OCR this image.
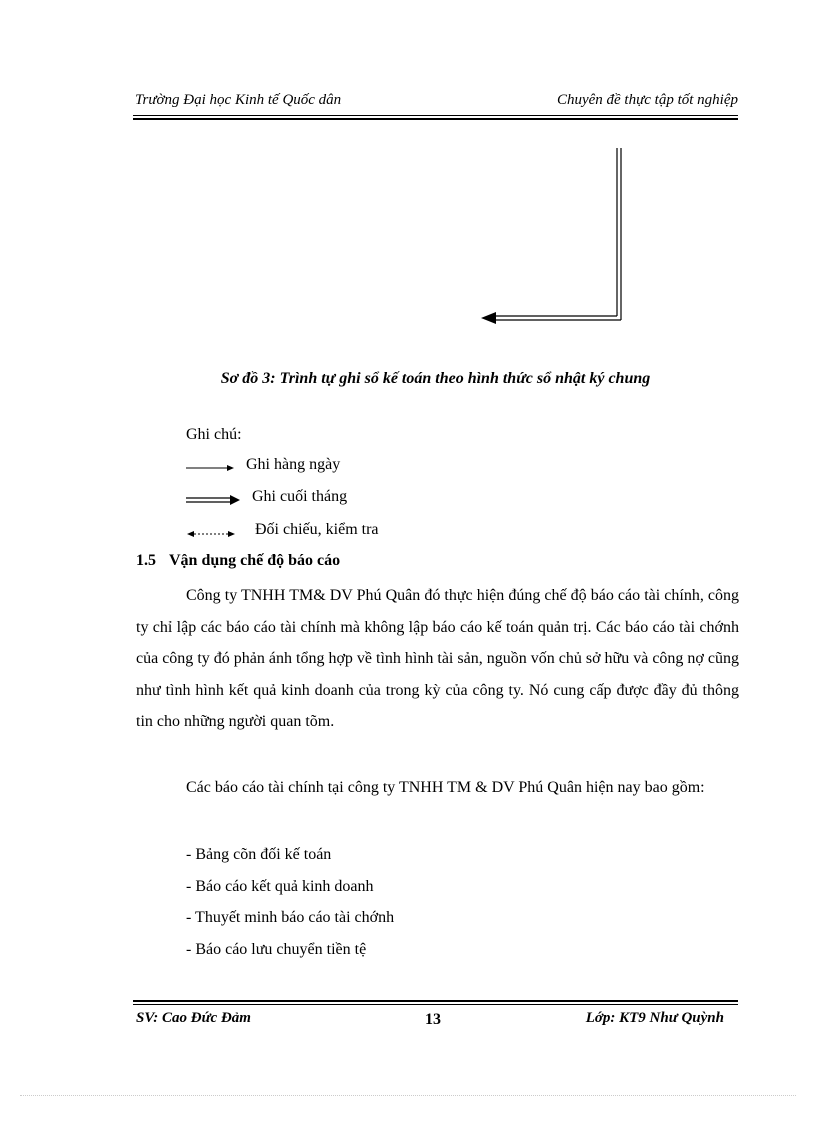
Trường Đại học Kinh tế Quốc dân	Chuyên đề thực tập tốt nghiệp
Sơ đồ 3: Trình tự ghi sổ kế toán theo hình thức sổ nhật ký chung
Ghi chú:
Ghi hàng ngày
Ghi cuối tháng
Đối chiếu, kiểm tra
1.5 Vận dụng chế độ báo cáo
Công ty TNHH TM& DV Phú Quân đó thực hiện đúng chế độ báo cáo tài chính, công ty chỉ lập các báo cáo tài chính mà không lập báo cáo kế toán quản trị. Các báo cáo tài chớnh của công ty đó phản ánh tổng hợp về tình hình tài sản, nguồn vốn chủ sở hữu và công nợ cũng như tình hình kết quả kinh doanh của trong kỳ của công ty. Nó cung cấp được đầy đủ thông tin cho những người quan tõm.
Các báo cáo tài chính tại công ty TNHH TM & DV Phú Quân hiện nay bao gồm:
- Bảng cõn đối kế toán
- Báo cáo kết quả kinh doanh
- Thuyết minh báo cáo tài chớnh
- Báo cáo lưu chuyển tiền tệ
SV: Cao Đức Đảm	13	Lớp: KT9 Như Quỳnh
